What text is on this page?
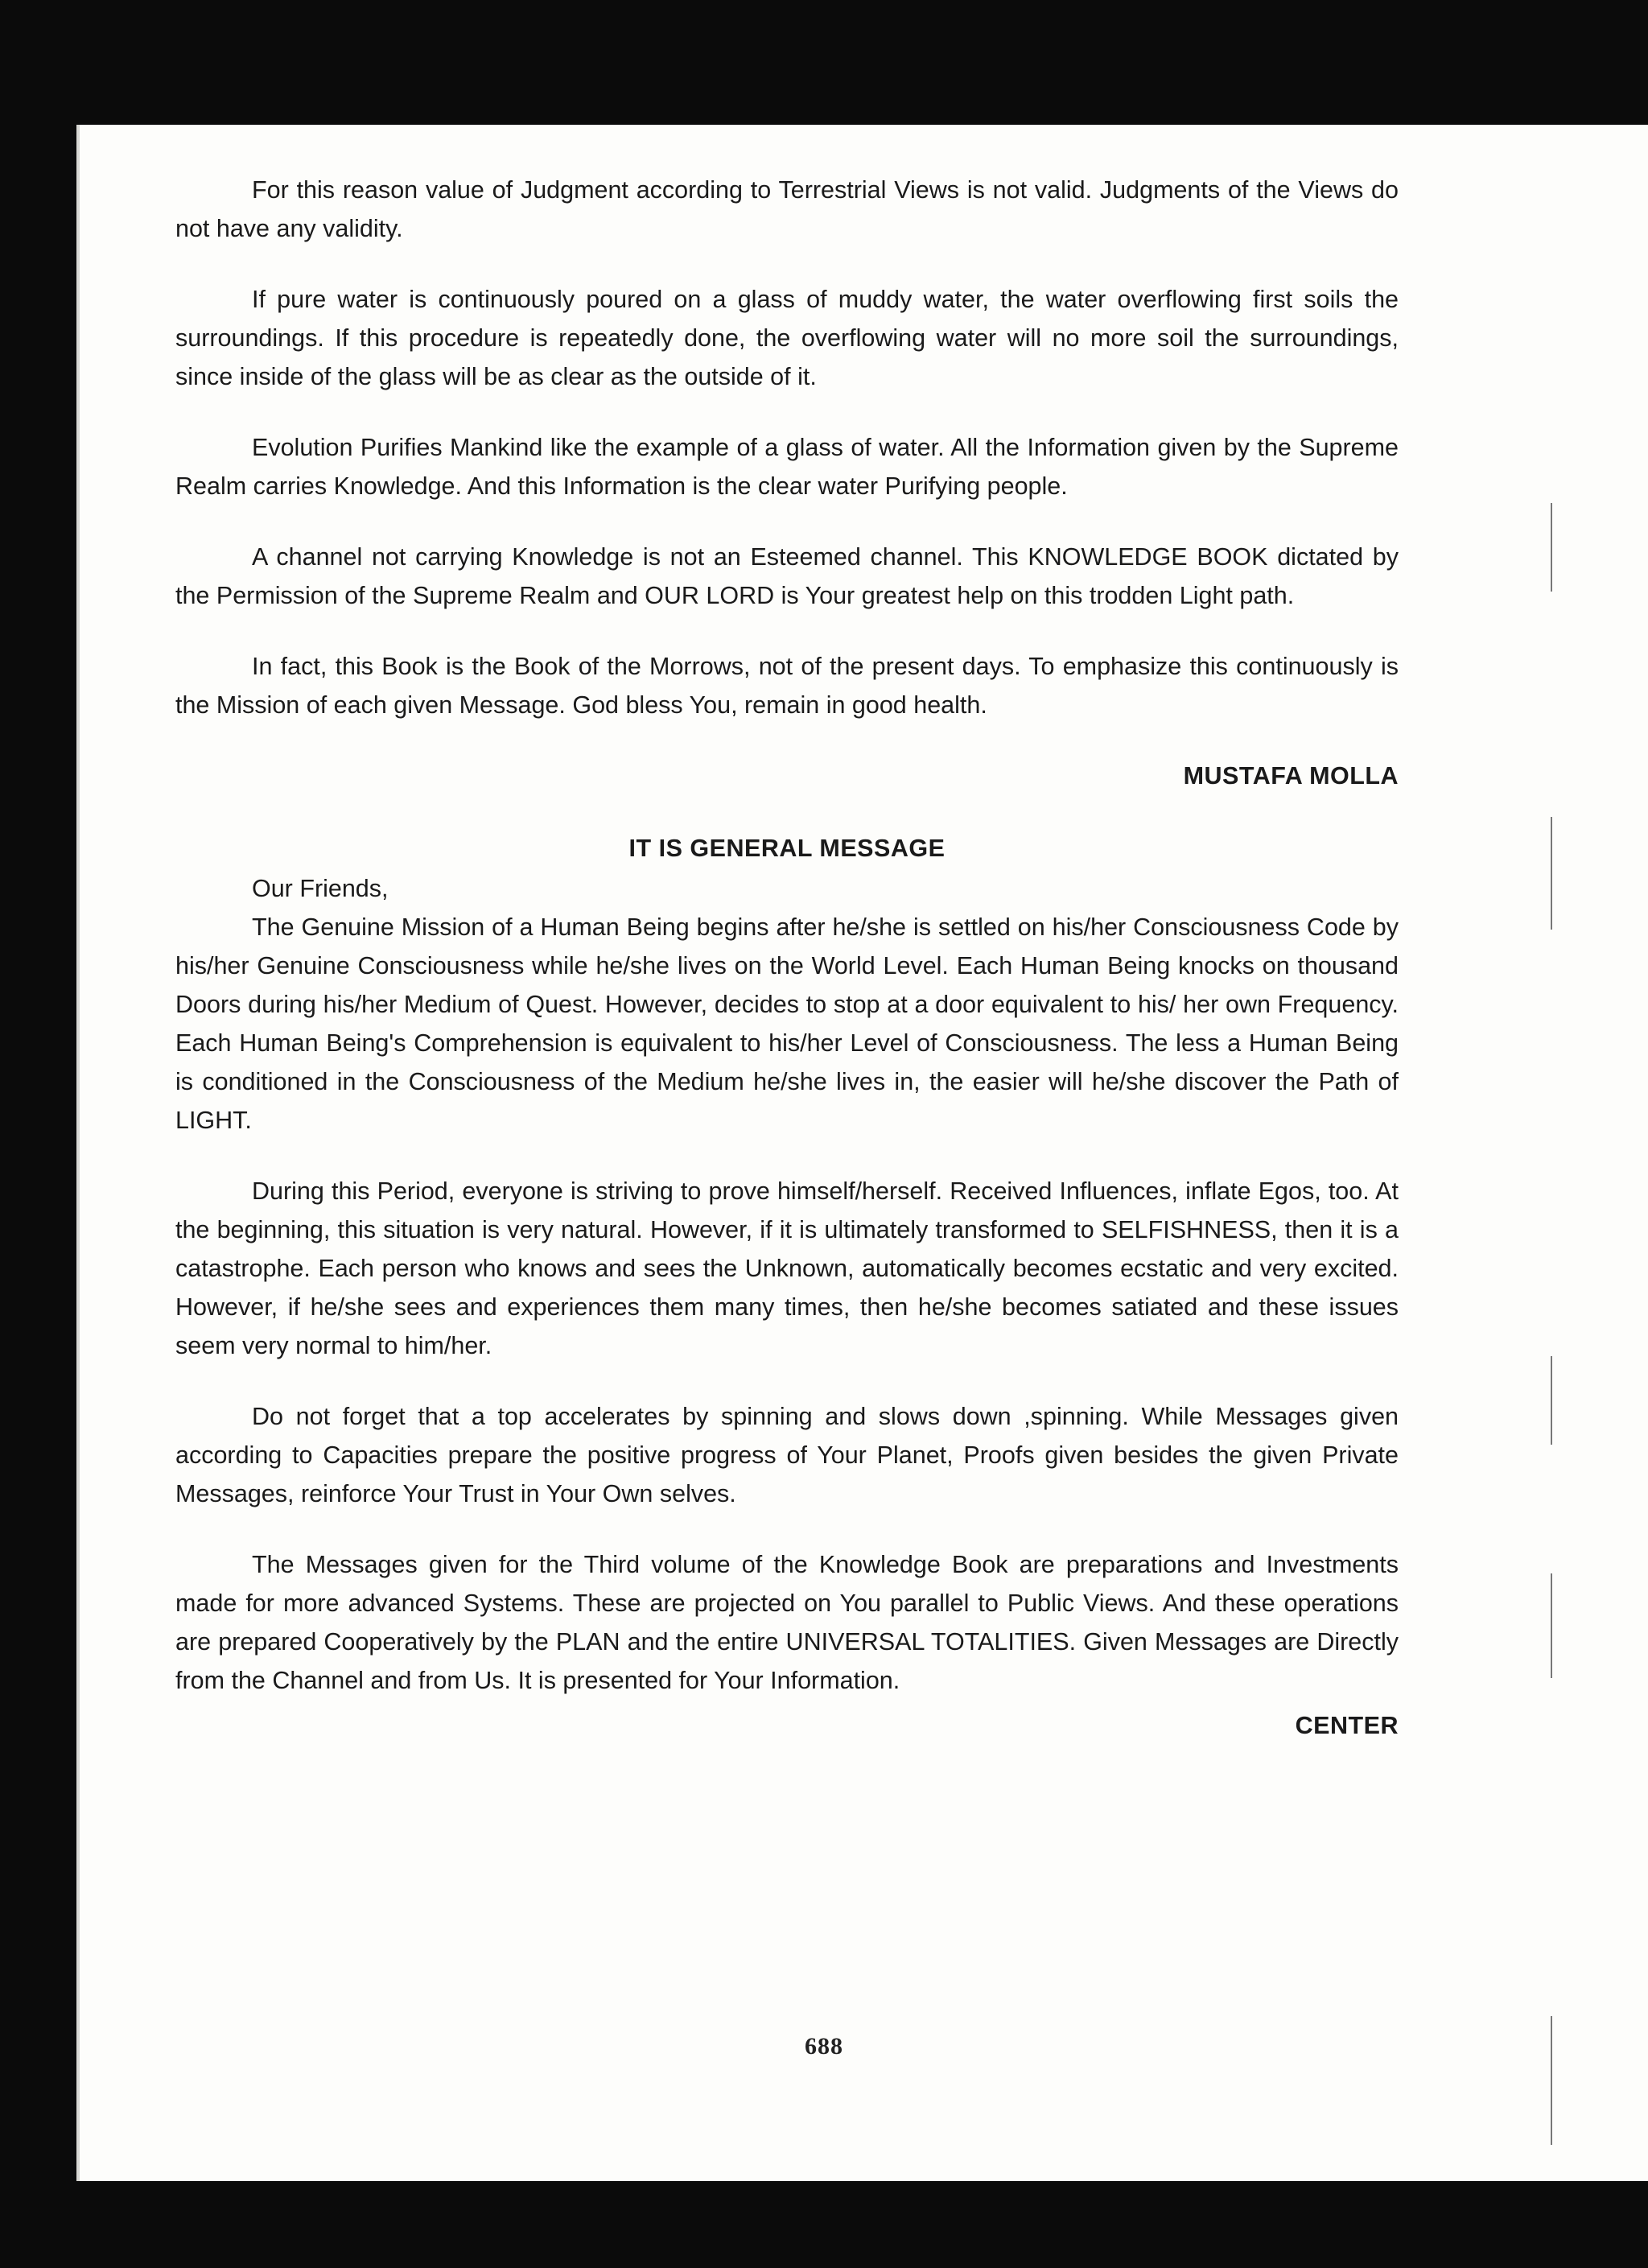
For this reason value of Judgment according to Terrestrial Views is not valid. Judgments of the Views do not have any validity.

If pure water is continuously poured on a glass of muddy water, the water overflowing first soils the surroundings. If this procedure is repeatedly done, the overflowing water will no more soil the surroundings, since inside of the glass will be as clear as the outside of it.

Evolution Purifies Mankind like the example of a glass of water. All the Information given by the Supreme Realm carries Knowledge. And this Information is the clear water Purifying people.

A channel not carrying Knowledge is not an Esteemed channel. This KNOWLEDGE BOOK dictated by the Permission of the Supreme Realm and OUR LORD is Your greatest help on this trodden Light path.

In fact, this Book is the Book of the Morrows, not of the present days. To emphasize this continuously is the Mission of each given Message. God bless You, remain in good health.

MUSTAFA MOLLA
IT IS GENERAL MESSAGE
Our Friends,

The Genuine Mission of a Human Being begins after he/she is settled on his/her Consciousness Code by his/her Genuine Consciousness while he/she lives on the World Level. Each Human Being knocks on thousand Doors during his/her Medium of Quest. However, decides to stop at a door equivalent to his/ her own Frequency. Each Human Being's Comprehension is equivalent to his/her Level of Consciousness. The less a Human Being is conditioned in the Consciousness of the Medium he/she lives in, the easier will he/she discover the Path of LIGHT.

During this Period, everyone is striving to prove himself/herself. Received Influences, inflate Egos, too. At the beginning, this situation is very natural. However, if it is ultimately transformed to SELFISHNESS, then it is a catastrophe. Each person who knows and sees the Unknown, automatically becomes ecstatic and very excited. However, if he/she sees and experiences them many times, then he/she becomes satiated and these issues seem very normal to him/her.

Do not forget that a top accelerates by spinning and slows down ,spinning. While Messages given according to Capacities prepare the positive progress of Your Planet, Proofs given besides the given Private Messages, reinforce Your Trust in Your Own selves.

The Messages given for the Third volume of the Knowledge Book are preparations and Investments made for more advanced Systems. These are projected on You parallel to Public Views. And these operations are prepared Cooperatively by the PLAN and the entire UNIVERSAL TOTALITIES. Given Messages are Directly from the Channel and from Us. It is presented for Your Information.

CENTER
688
